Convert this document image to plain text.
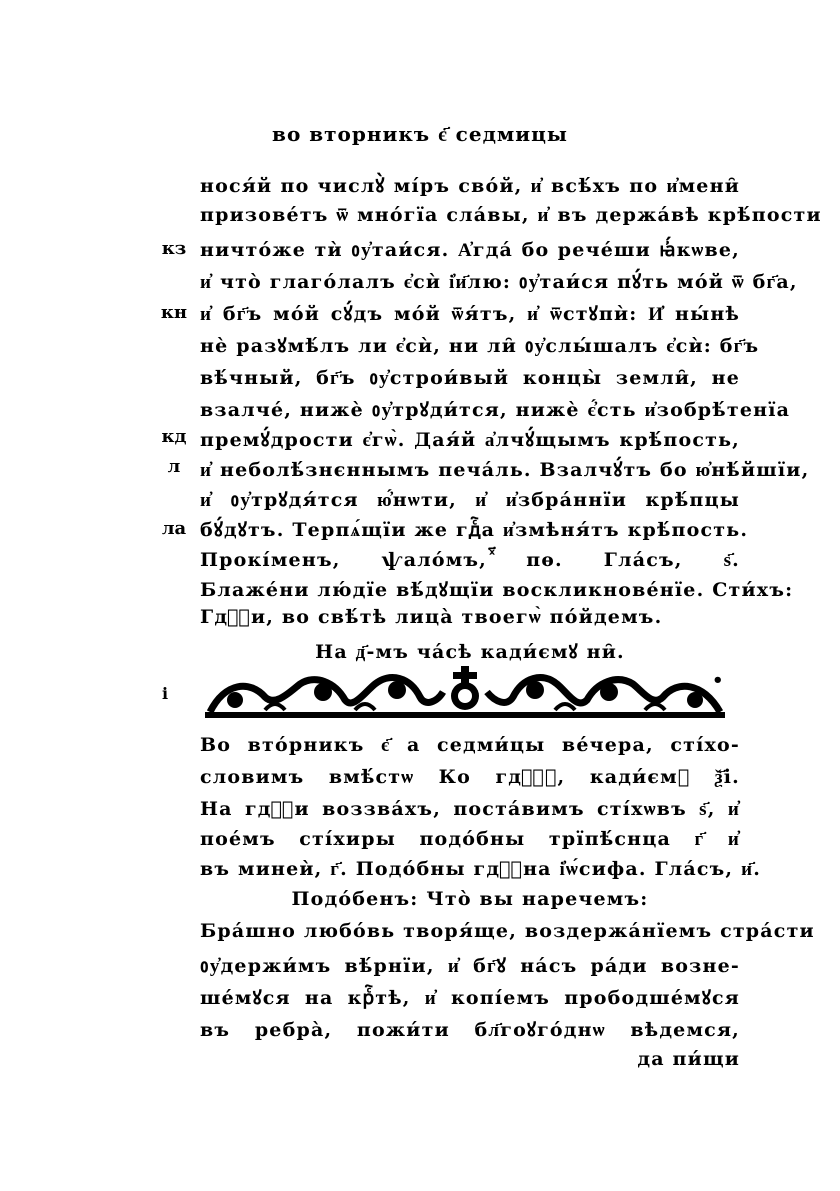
во вторникъ є҃ седмицы
кз
кн
кд
л
ла
нося́й по числꙋ̀ мі́ръ сво́й, и҆ всѣ́хъ по и҆мени̑
призове́тъ ѿ мно́гїа сла́вы, и҆ въ держа́вѣ крѣ́пости
ничто́же тѝ ᲂу҆таи́ся. А҆гда́ бо рече́ши ꙗ҆́кѡвe,
и҆ что̀ глаго́лалъ є҆сѝ і҆и҃лю: ᲂу҆таи́ся пꙋ́ть мо́й ѿ бг҃а,
и҆ бг҃ъ мо́й сꙋ́дъ мо́й ѿя́тъ, и҆ ѿстꙋпѝ: И҆ ны́нѣ
нѐ разꙋмѣ́лъ ли є҆сѝ, ни ли̑ ᲂу҆слы́шалъ є҆сѝ: бг҃ъ
вѣ́чный, бг҃ъ ᲂу҆строи́вый концы̀ земли̑, не
взалче́, нижѐ ᲂу҆трꙋди́тся, нижѐ є҆́сть и҆зобрѣ́тенїа
премꙋ́дрости є҆гѡ̀. Дая́й а҆лчꙋ́щымъ крѣ́пость,
и҆ неболѣ́знєннымъ печа́ль. Взалчꙋ́тъ бо ю҆нѣ́йшїи,
и҆ ᲂу҆трꙋдя́тся ю҆́нѡти, и҆ и҆збра́ннїи крѣ́пцы
бꙋ́дꙋтъ. Терпѧ́щїи же гдⷭ҇а и҆змѣня́тъ крѣ́пость.
Прокі́менъ, ѱало́мъ, ⷯ҃пѳ. Гла́съ, ѕ҃.
Блаже́ни лю́дїе вѣ́дꙋщїи воскликнове́нїе. Сти́хъ:
Гдⷭ҇и, во свѣ́тѣ лица̀ твоегѡ̀ по́йдемъ.
На д҃-мъ ча́сѣ кади́ємꙋ ни̑.
і
•
Во вто́рникъ є҃ а седми́цы ве́чера, сті́хо-
словимъ вмѣ́стѡ Ко гдⷭ҇ꙋ, кади́ємꙋ ѯ҃і.
На гдⷭ҇и воззва́хъ, поста́вимъ сті́хѡвъ ѕ҃, и҆
пое́мъ сті́хиры подо́бны трїпѣ́снца г҃ и҆
въ минеѝ, г҃. Подо́бны гдⷭ҇на і҆ѡ́сифа. Гла́съ, и҃.
Подо́бенъ: Что̀ вы наречемъ:
Бра́шно любо́вь творя́ще, воздержа́нїемъ стра́сти
ᲂу҆держи́мъ вѣ́рнїи, и҆ бг҃ꙋ на́съ ра́ди возне-
ше́мꙋся на крⷭ҇тѣ, и҆ копі́емъ прободше́мꙋся
въ ребра̀, пожи́ти бл҃гоꙋго́днѡ вѣдемся,
да пи́щи
